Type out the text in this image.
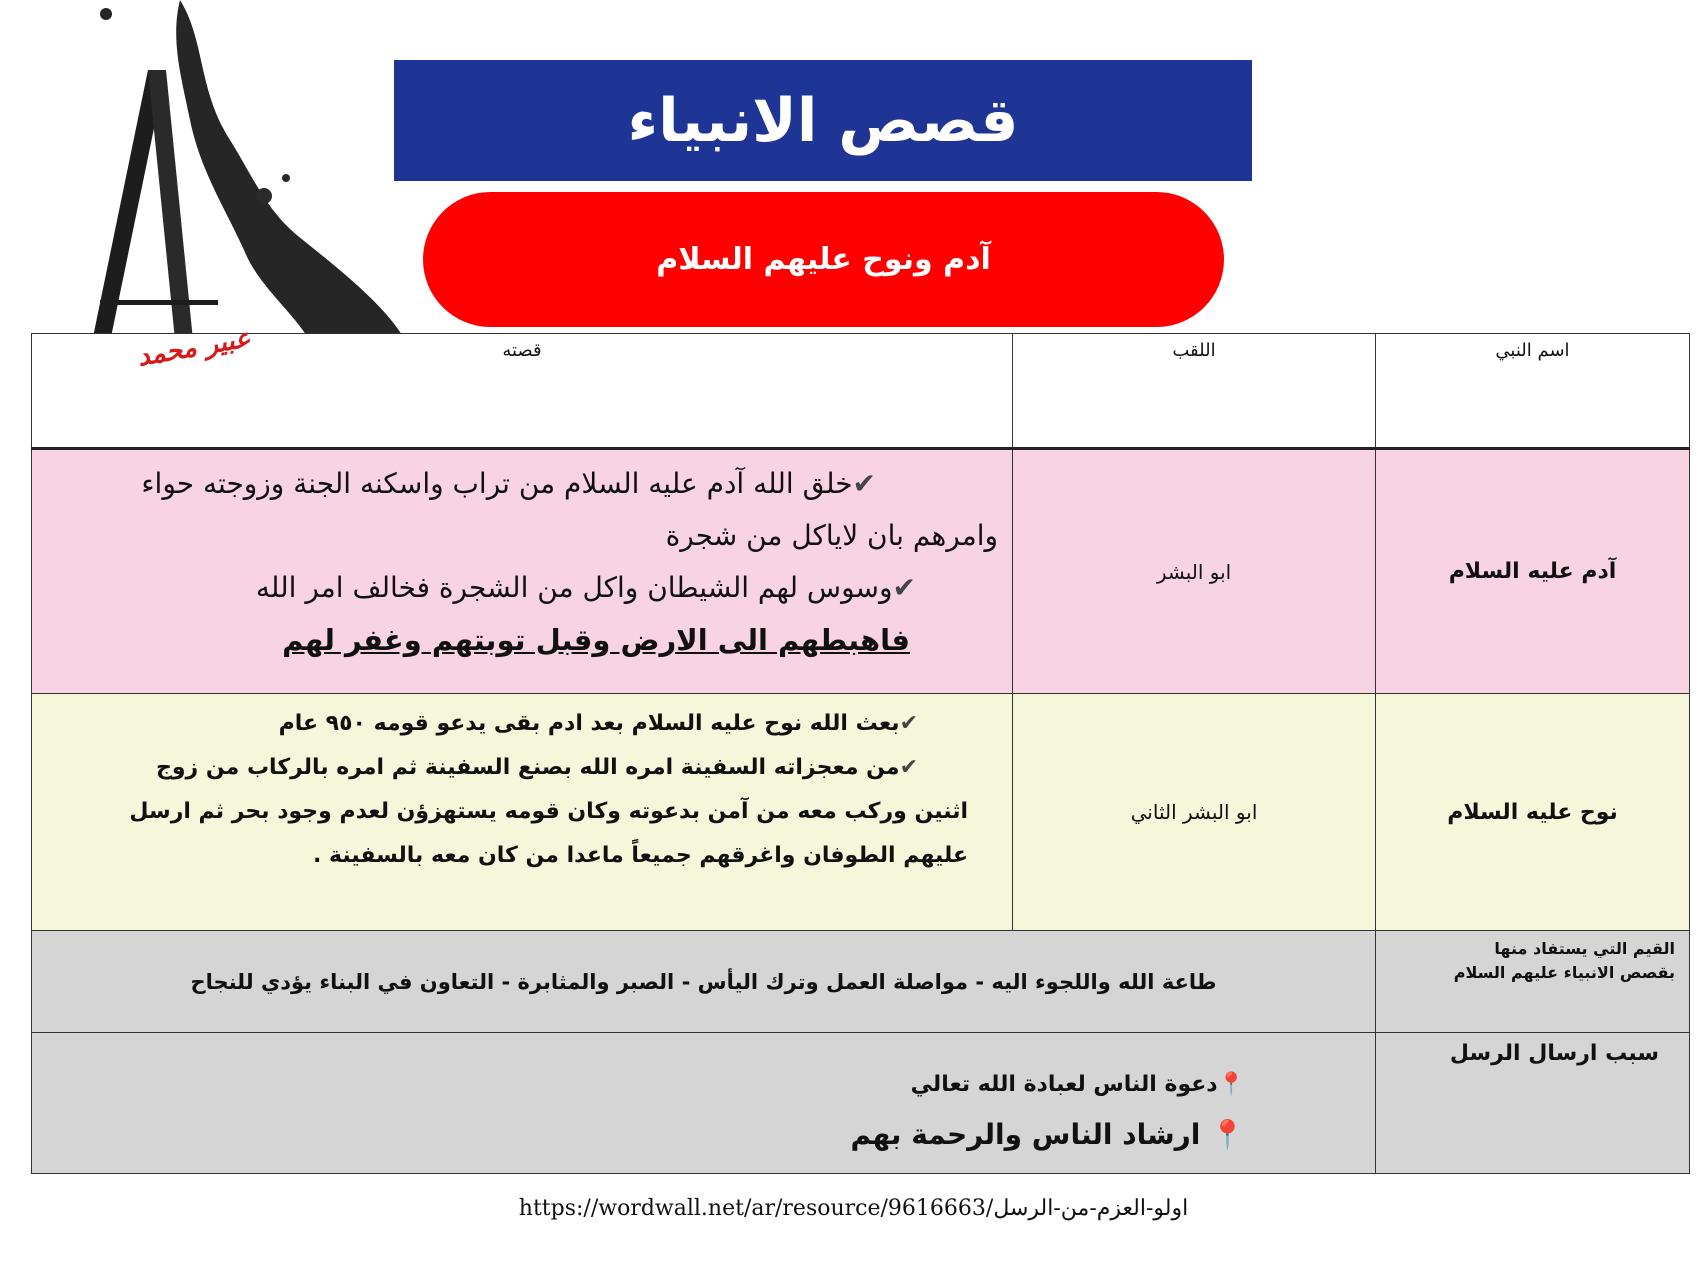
قصص الانبياء
آدم ونوح عليهم السلام
اسم النبي	اللقب	قصته

آدم عليه السلام	ابو البشر	✔خلق الله آدم عليه السلام من تراب واسكنه الجنة وزوجته حواء

وامرهم بان لاياكل من شجرة

✔وسوس لهم الشيطان واكل من الشجرة فخالف امر الله

فاهبطهم الى الارض وقبل توبتهم وغفر لهم

نوح عليه السلام	ابو البشر الثاني	✔بعث الله نوح عليه السلام بعد ادم بقى يدعو قومه ٩٥٠ عام

✔من معجزاته السفينة امره الله بصنع السفينة ثم امره بالركاب من زوج

اثنين وركب معه من آمن بدعوته وكان قومه يستهزؤن لعدم وجود بحر ثم ارسل

عليهم الطوفان واغرقهم جميعاً ماعدا من كان معه بالسفينة .

القيم التي يستفاد منها
بقصص الانبياء عليهم السلام	طاعة الله واللجوء اليه - مواصلة العمل وترك اليأس - الصبر والمثابرة - التعاون في البناء يؤدي للنجاح	

سبب ارسال الرسل	📍دعوة الناس لعبادة الله تعالي

📍 ارشاد الناس والرحمة بهم	

عبير محمد
https://wordwall.net/ar/resource/9616663/اولو-العزم-من-الرسل
